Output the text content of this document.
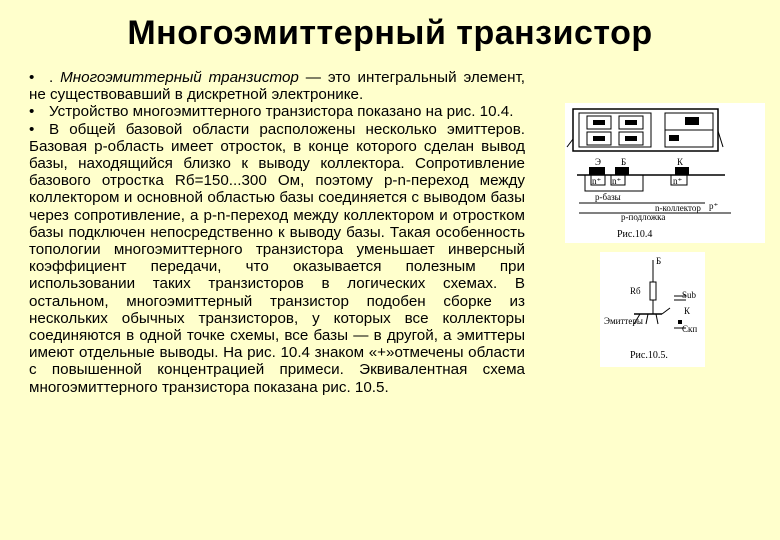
Многоэмиттерный транзистор

• . Многоэмиттерный транзистор — это интегральный элемент, не существовавший в дискретной электронике.

• Устройство многоэмиттерного транзистора показано на рис. 10.4.

• В общей базовой области расположены несколько эмиттеров. Базовая p-область имеет отросток, в конце которого сделан вывод базы, находящийся близко к выводу коллектора. Сопротивление базового отростка Rб=150...300 Ом, поэтому p-n-переход между коллектором и основной областью базы соединяется с выводом базы через сопротивление, а p-n-переход между коллектором и отростком базы подключен непосредственно к выводу базы. Такая особенность топологии многоэмиттерного транзистора уменьшает инверсный коэффициент передачи, что оказывается полезным при использовании таких транзисторов в логических схемах. В остальном, многоэмиттерный транзистор подобен сборке из нескольких обычных транзисторов, у которых все коллекторы соединяются в одной точке схемы, все базы — в другой, а эмиттеры имеют отдельные выводы. На рис. 10.4 знаком «+»отмечены области с повышенной концентрацией примеси. Эквивалентная схема многоэмиттерного транзистора показана рис. 10.5.

Э Б	К
n⁺ n⁺	n⁺
p-базы
n-коллектор p⁺
p-подложка
Рис.10.4
Б
Rб
Эмиттеры
Sub
К
Cкп
Рис.10.5.
